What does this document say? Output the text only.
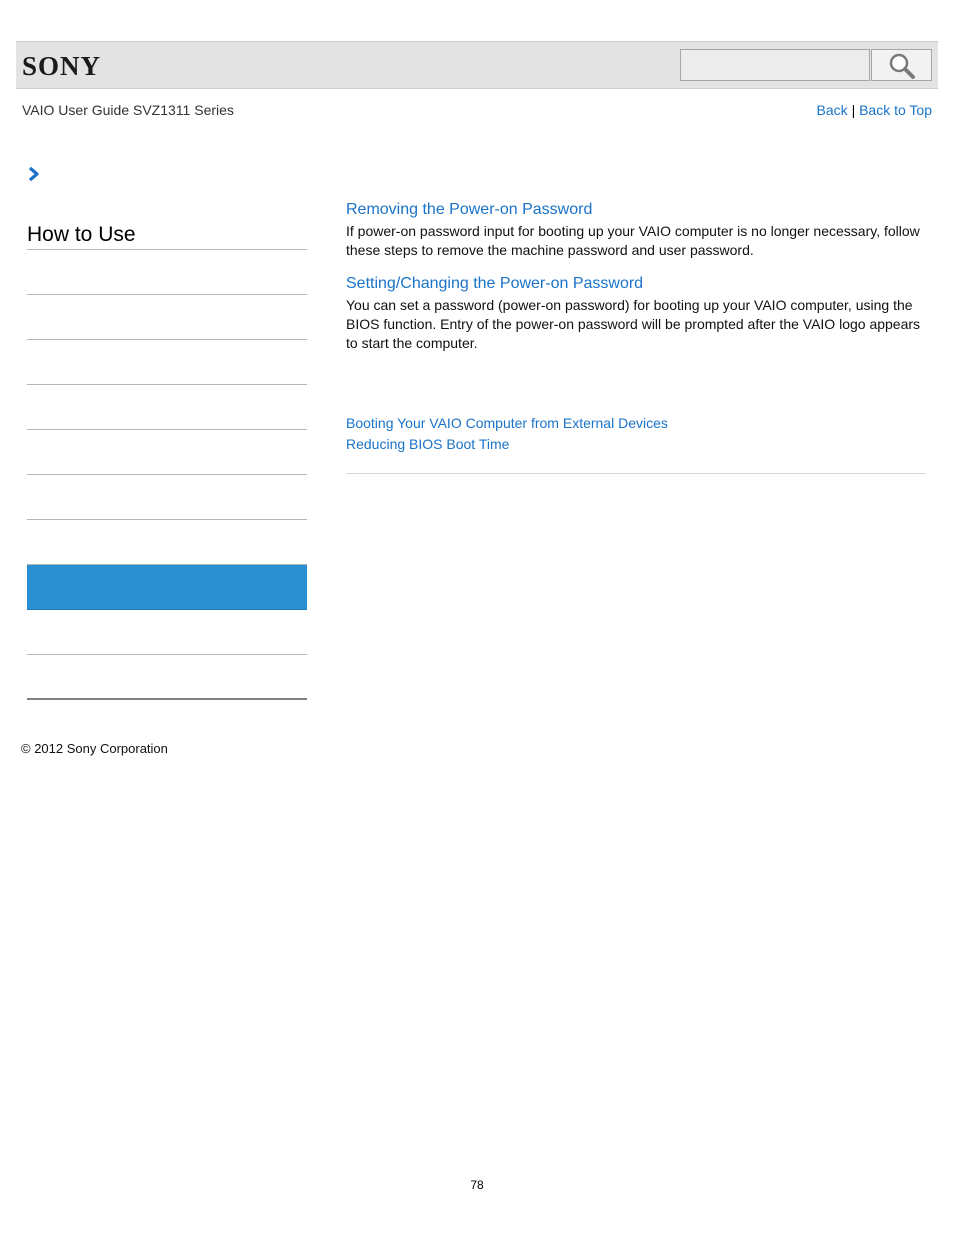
SONY
VAIO User Guide SVZ1311 Series	Back | Back to Top
How to Use
Removing the Power-on Password

If power-on password input for booting up your VAIO computer is no longer necessary, follow these steps to remove the machine password and user password.

Setting/Changing the Power-on Password

You can set a password (power-on password) for booting up your VAIO computer, using the BIOS function. Entry of the power-on password will be prompted after the VAIO logo appears to start the computer.

Booting Your VAIO Computer from External Devices
Reducing BIOS Boot Time
© 2012 Sony Corporation
78
